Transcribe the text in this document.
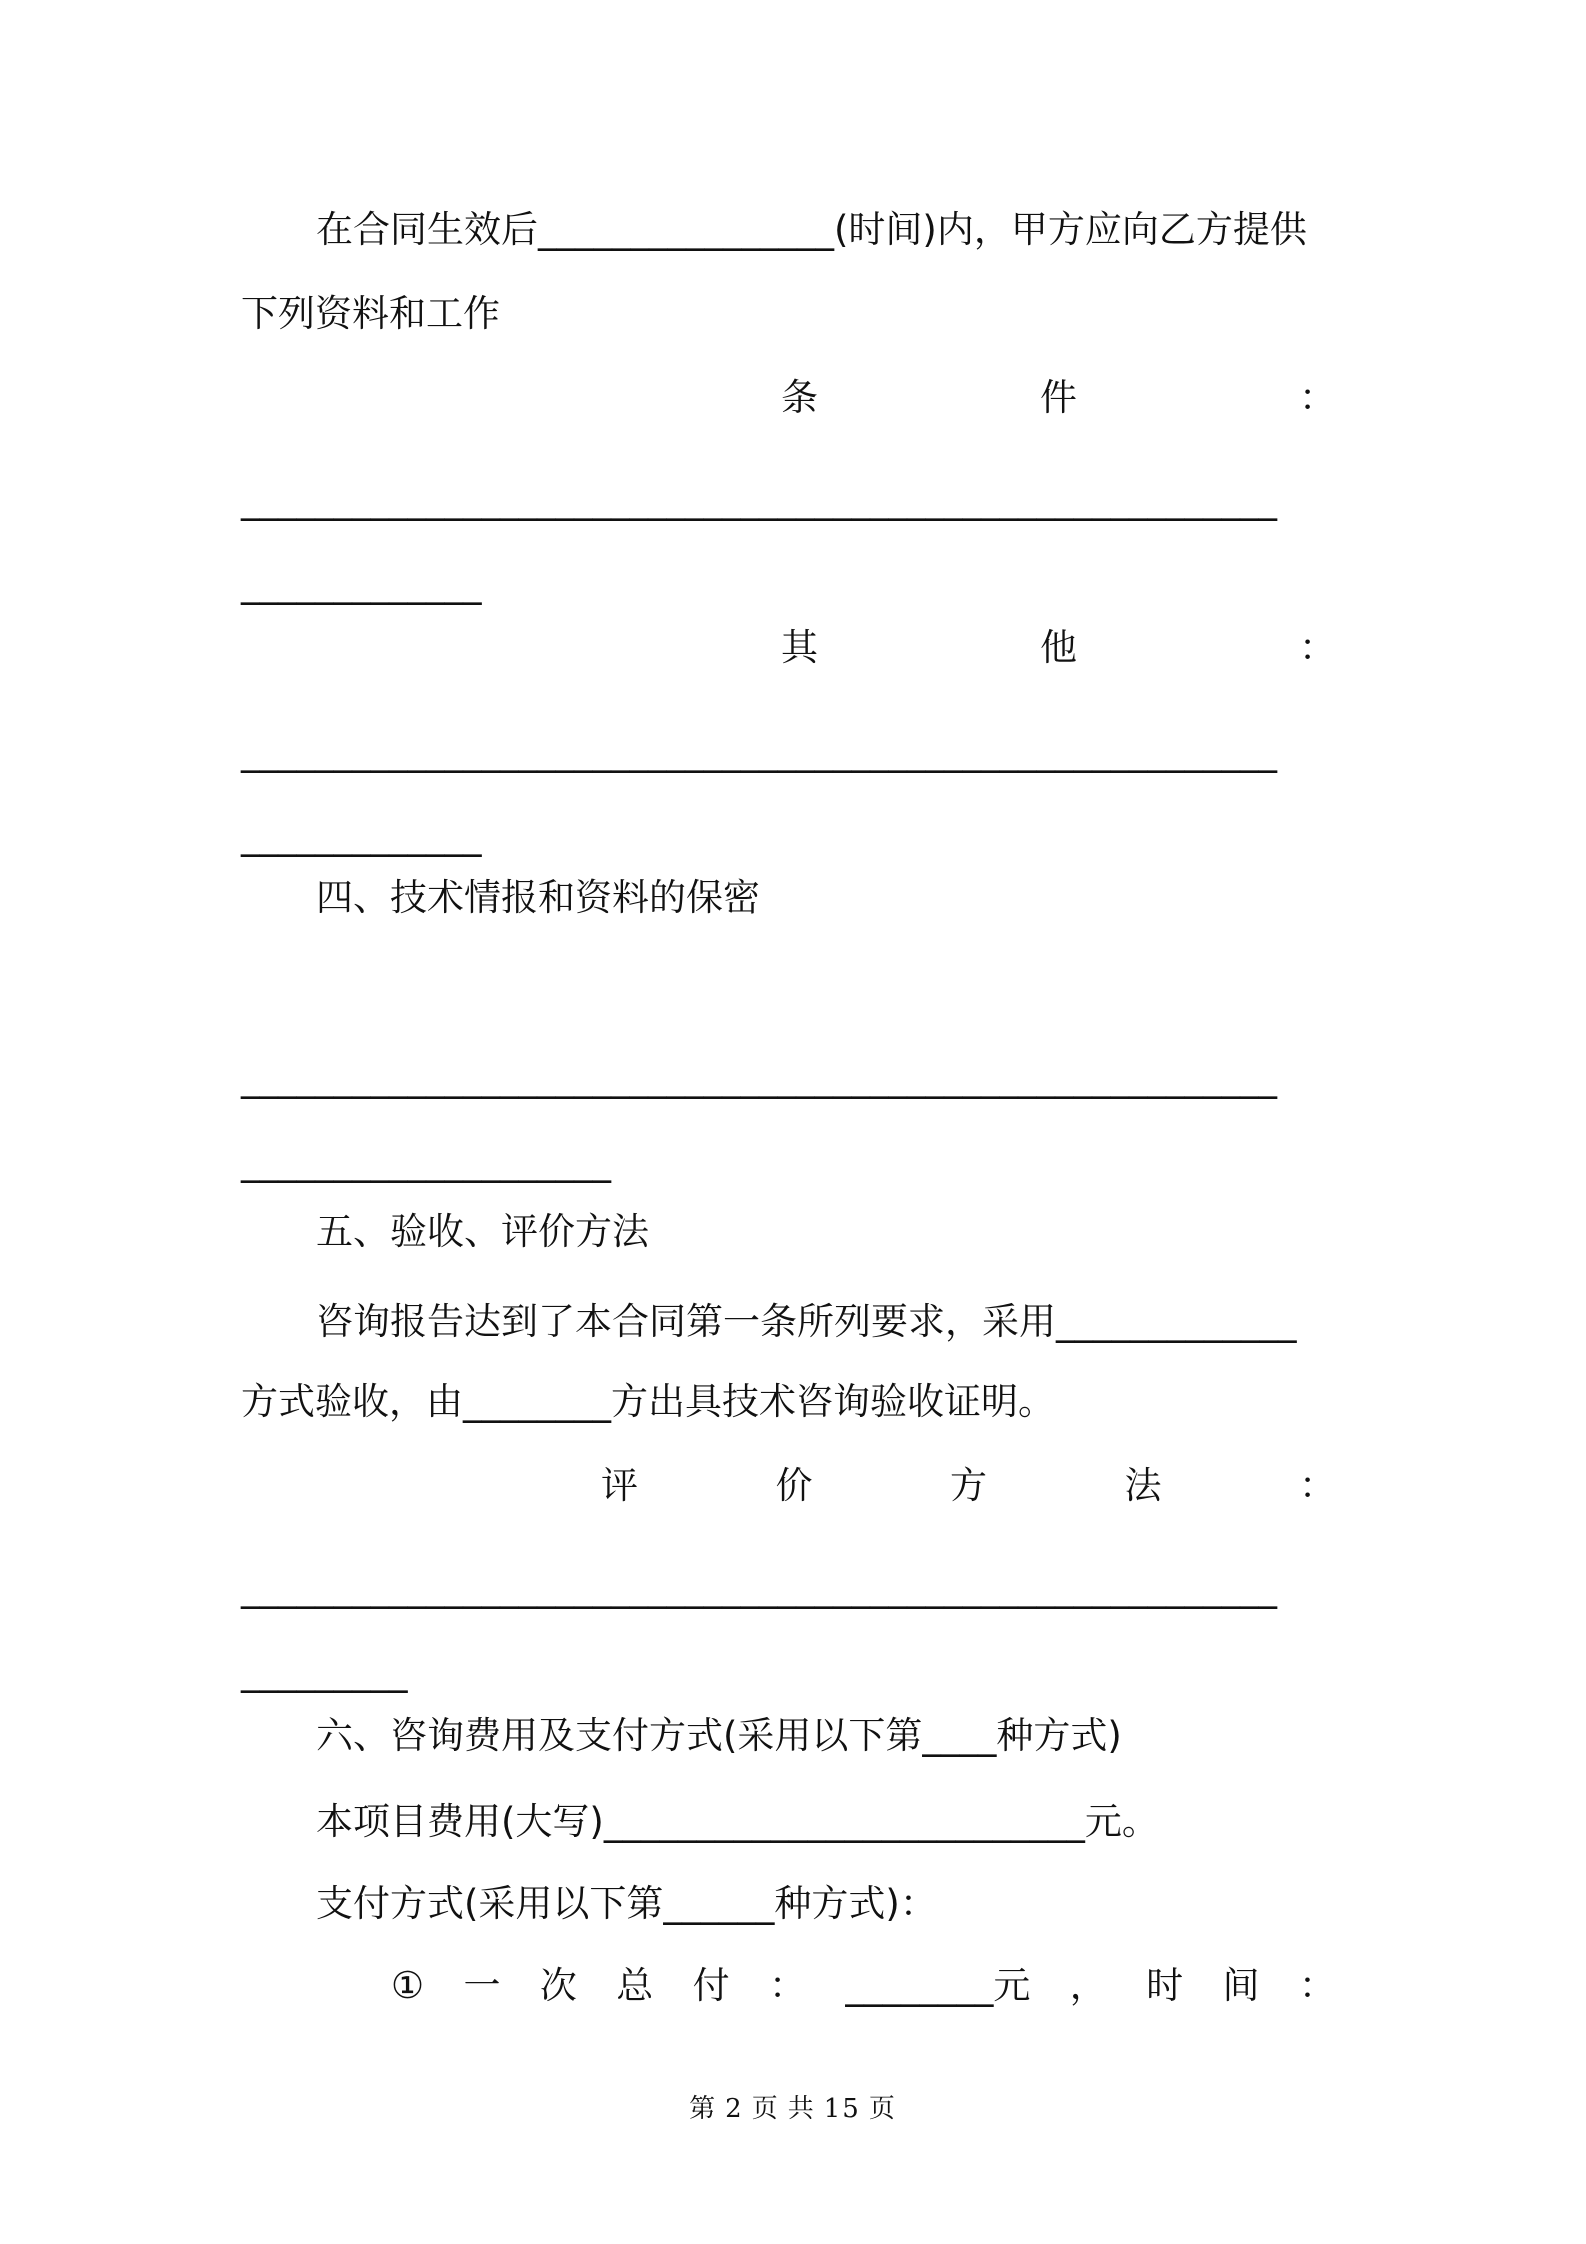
在合同生效后________________(时间)内，甲方应向乙方提供
下列资料和工作
条	件	：
________________________________________________________
_____________
其	他	：
________________________________________________________
_____________
四、技术情报和资料的保密
________________________________________________________
____________________
五、验收、评价方法
咨询报告达到了本合同第一条所列要求，采用_____________
方式验收，由________方出具技术咨询验收证明。
评	价	方	法	：
________________________________________________________
_________
六、咨询费用及支付方式(采用以下第____种方式)
本项目费用(大写)__________________________元。
支付方式(采用以下第______种方式)：
① 一 次 总 付 ： ________元 ， 时 间 ：
第 2 页 共 15 页
